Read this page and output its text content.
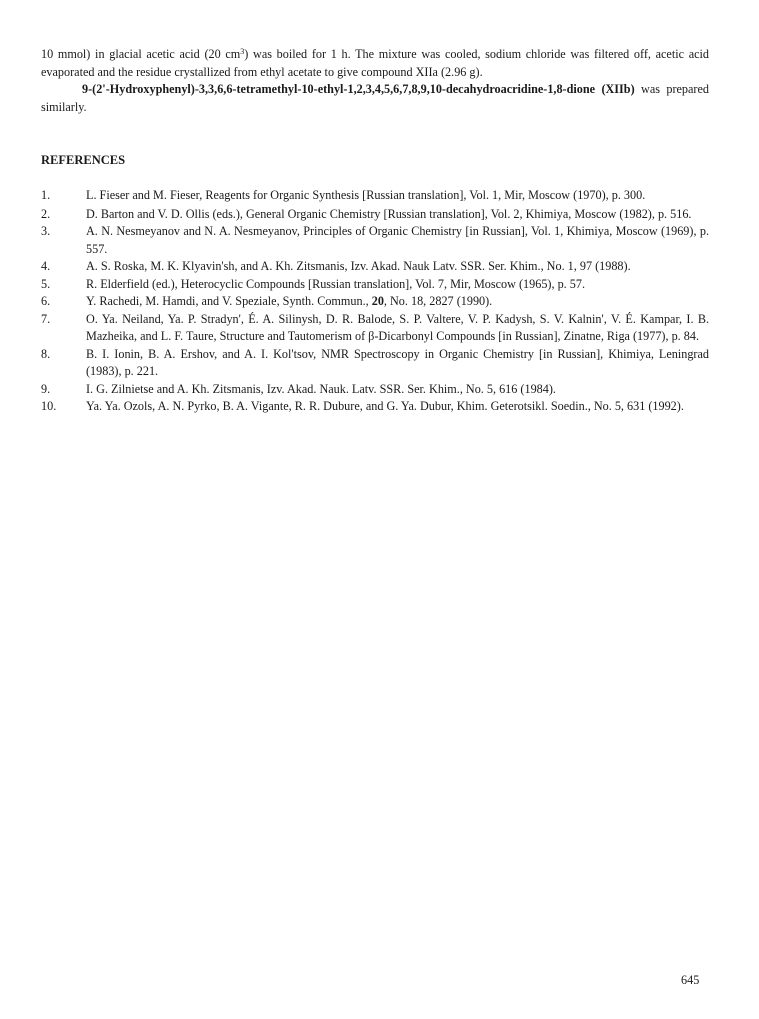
10 mmol) in glacial acetic acid (20 $cm^3$) was boiled for 1 h. The mixture was cooled, sodium chloride was filtered off, acetic acid evaporated and the residue crystallized from ethyl acetate to give compound XIIa (2.96 g).

9-(2'-Hydroxyphenyl)-3,3,6,6-tetramethyl-10-ethyl-1,2,3,4,5,6,7,8,9,10-decahydroacridine-1,8-dione (XIIb) was prepared similarly.

REFERENCES
1.	L. Fieser and M. Fieser, Reagents for Organic Synthesis [Russian translation], Vol. 1, Mir, Moscow (1970), p. 300.
2.	D. Barton and V. D. Ollis (eds.), General Organic Chemistry [Russian translation], Vol. 2, Khimiya, Moscow (1982), p. 516.
3.	A. N. Nesmeyanov and N. A. Nesmeyanov, Principles of Organic Chemistry [in Russian], Vol. 1, Khimiya, Moscow (1969), p. 557.
4.	A. S. Roska, M. K. Klyavin'sh, and A. Kh. Zitsmanis, Izv. Akad. Nauk Latv. SSR. Ser. Khim., No. 1, 97 (1988).
5.	R. Elderfield (ed.), Heterocyclic Compounds [Russian translation], Vol. 7, Mir, Moscow (1965), p. 57.
6.	Y. Rachedi, M. Hamdi, and V. Speziale, Synth. Commun., 20, No. 18, 2827 (1990).
7.	O. Ya. Neiland, Ya. P. Stradyn', É. A. Silinysh, D. R. Balode, S. P. Valtere, V. P. Kadysh, S. V. Kalnin', V. É. Kampar, I. B. Mazheika, and L. F. Taure, Structure and Tautomerism of β-Dicarbonyl Compounds [in Russian], Zinatne, Riga (1977), p. 84.
8.	B. I. Ionin, B. A. Ershov, and A. I. Kol'tsov, NMR Spectroscopy in Organic Chemistry [in Russian], Khimiya, Leningrad (1983), p. 221.
9.	I. G. Zilnietse and A. Kh. Zitsmanis, Izv. Akad. Nauk. Latv. SSR. Ser. Khim., No. 5, 616 (1984).
10.	Ya. Ya. Ozols, A. N. Pyrko, B. A. Vigante, R. R. Dubure, and G. Ya. Dubur, Khim. Geterotsikl. Soedin., No. 5, 631 (1992).

645
